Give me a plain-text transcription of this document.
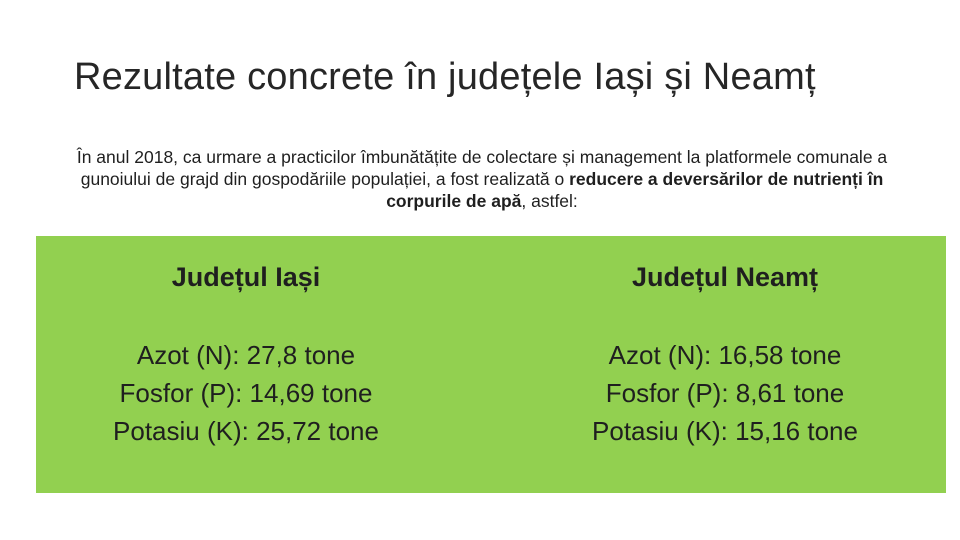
Rezultate concrete în județele Iași și Neamț
În anul 2018, ca urmare a practicilor îmbunătățite de colectare și management la platformele comunale a gunoiului de grajd din gospodăriile populației, a fost realizată o reducere a deversărilor de nutrienți în corpurile de apă, astfel:
Județul Iași
Azot (N): 27,8 tone
Fosfor (P): 14,69 tone
Potasiu (K): 25,72 tone
Județul Neamț
Azot (N): 16,58 tone
Fosfor (P): 8,61 tone
Potasiu (K): 15,16 tone
